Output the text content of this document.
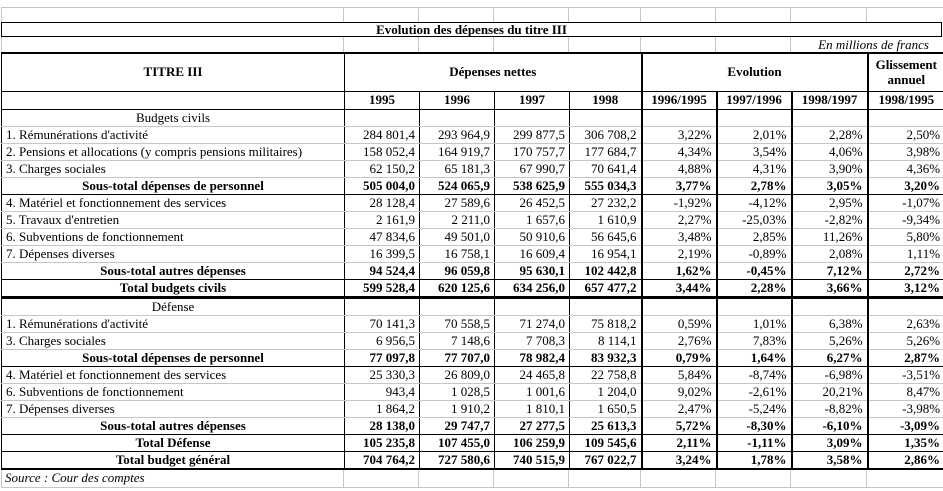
Evolution des dépenses du titre III
En millions de francs
TITRE III	Dépenses nettes				Evolution			Glissement annuel
	1995	1996	1997	1998	1996/1995	1997/1996	1998/1997	1998/1995
Budgets civils								
1. Rémunérations d'activité	284 801,4	293 964,9	299 877,5	306 708,2	3,22%	2,01%	2,28%	2,50%
2. Pensions et allocations (y compris pensions militaires)	158 052,4	164 919,7	170 757,7	177 684,7	4,34%	3,54%	4,06%	3,98%
3. Charges sociales	62 150,2	65 181,3	67 990,7	70 641,4	4,88%	4,31%	3,90%	4,36%
Sous-total dépenses de personnel	505 004,0	524 065,9	538 625,9	555 034,3	3,77%	2,78%	3,05%	3,20%
4. Matériel et fonctionnement des services	28 128,4	27 589,6	26 452,5	27 232,2	-1,92%	-4,12%	2,95%	-1,07%
5. Travaux d'entretien	2 161,9	2 211,0	1 657,6	1 610,9	2,27%	-25,03%	-2,82%	-9,34%
6. Subventions de fonctionnement	47 834,6	49 501,0	50 910,6	56 645,6	3,48%	2,85%	11,26%	5,80%
7. Dépenses diverses	16 399,5	16 758,1	16 609,4	16 954,1	2,19%	-0,89%	2,08%	1,11%
Sous-total autres dépenses	94 524,4	96 059,8	95 630,1	102 442,8	1,62%	-0,45%	7,12%	2,72%
Total budgets civils	599 528,4	620 125,6	634 256,0	657 477,2	3,44%	2,28%	3,66%	3,12%
Défense								
1. Rémunérations d'activité	70 141,3	70 558,5	71 274,0	75 818,2	0,59%	1,01%	6,38%	2,63%
3. Charges sociales	6 956,5	7 148,6	7 708,3	8 114,1	2,76%	7,83%	5,26%	5,26%
Sous-total dépenses de personnel	77 097,8	77 707,0	78 982,4	83 932,3	0,79%	1,64%	6,27%	2,87%
4. Matériel et fonctionnement des services	25 330,3	26 809,0	24 465,8	22 758,8	5,84%	-8,74%	-6,98%	-3,51%
6. Subventions de fonctionnement	943,4	1 028,5	1 001,6	1 204,0	9,02%	-2,61%	20,21%	8,47%
7. Dépenses diverses	1 864,2	1 910,2	1 810,1	1 650,5	2,47%	-5,24%	-8,82%	-3,98%
Sous-total autres dépenses	28 138,0	29 747,7	27 277,5	25 613,3	5,72%	-8,30%	-6,10%	-3,09%
Total Défense	105 235,8	107 455,0	106 259,9	109 545,6	2,11%	-1,11%	3,09%	1,35%
Total budget général	704 764,2	727 580,6	740 515,9	767 022,7	3,24%	1,78%	3,58%	2,86%
Source : Cour des comptes
